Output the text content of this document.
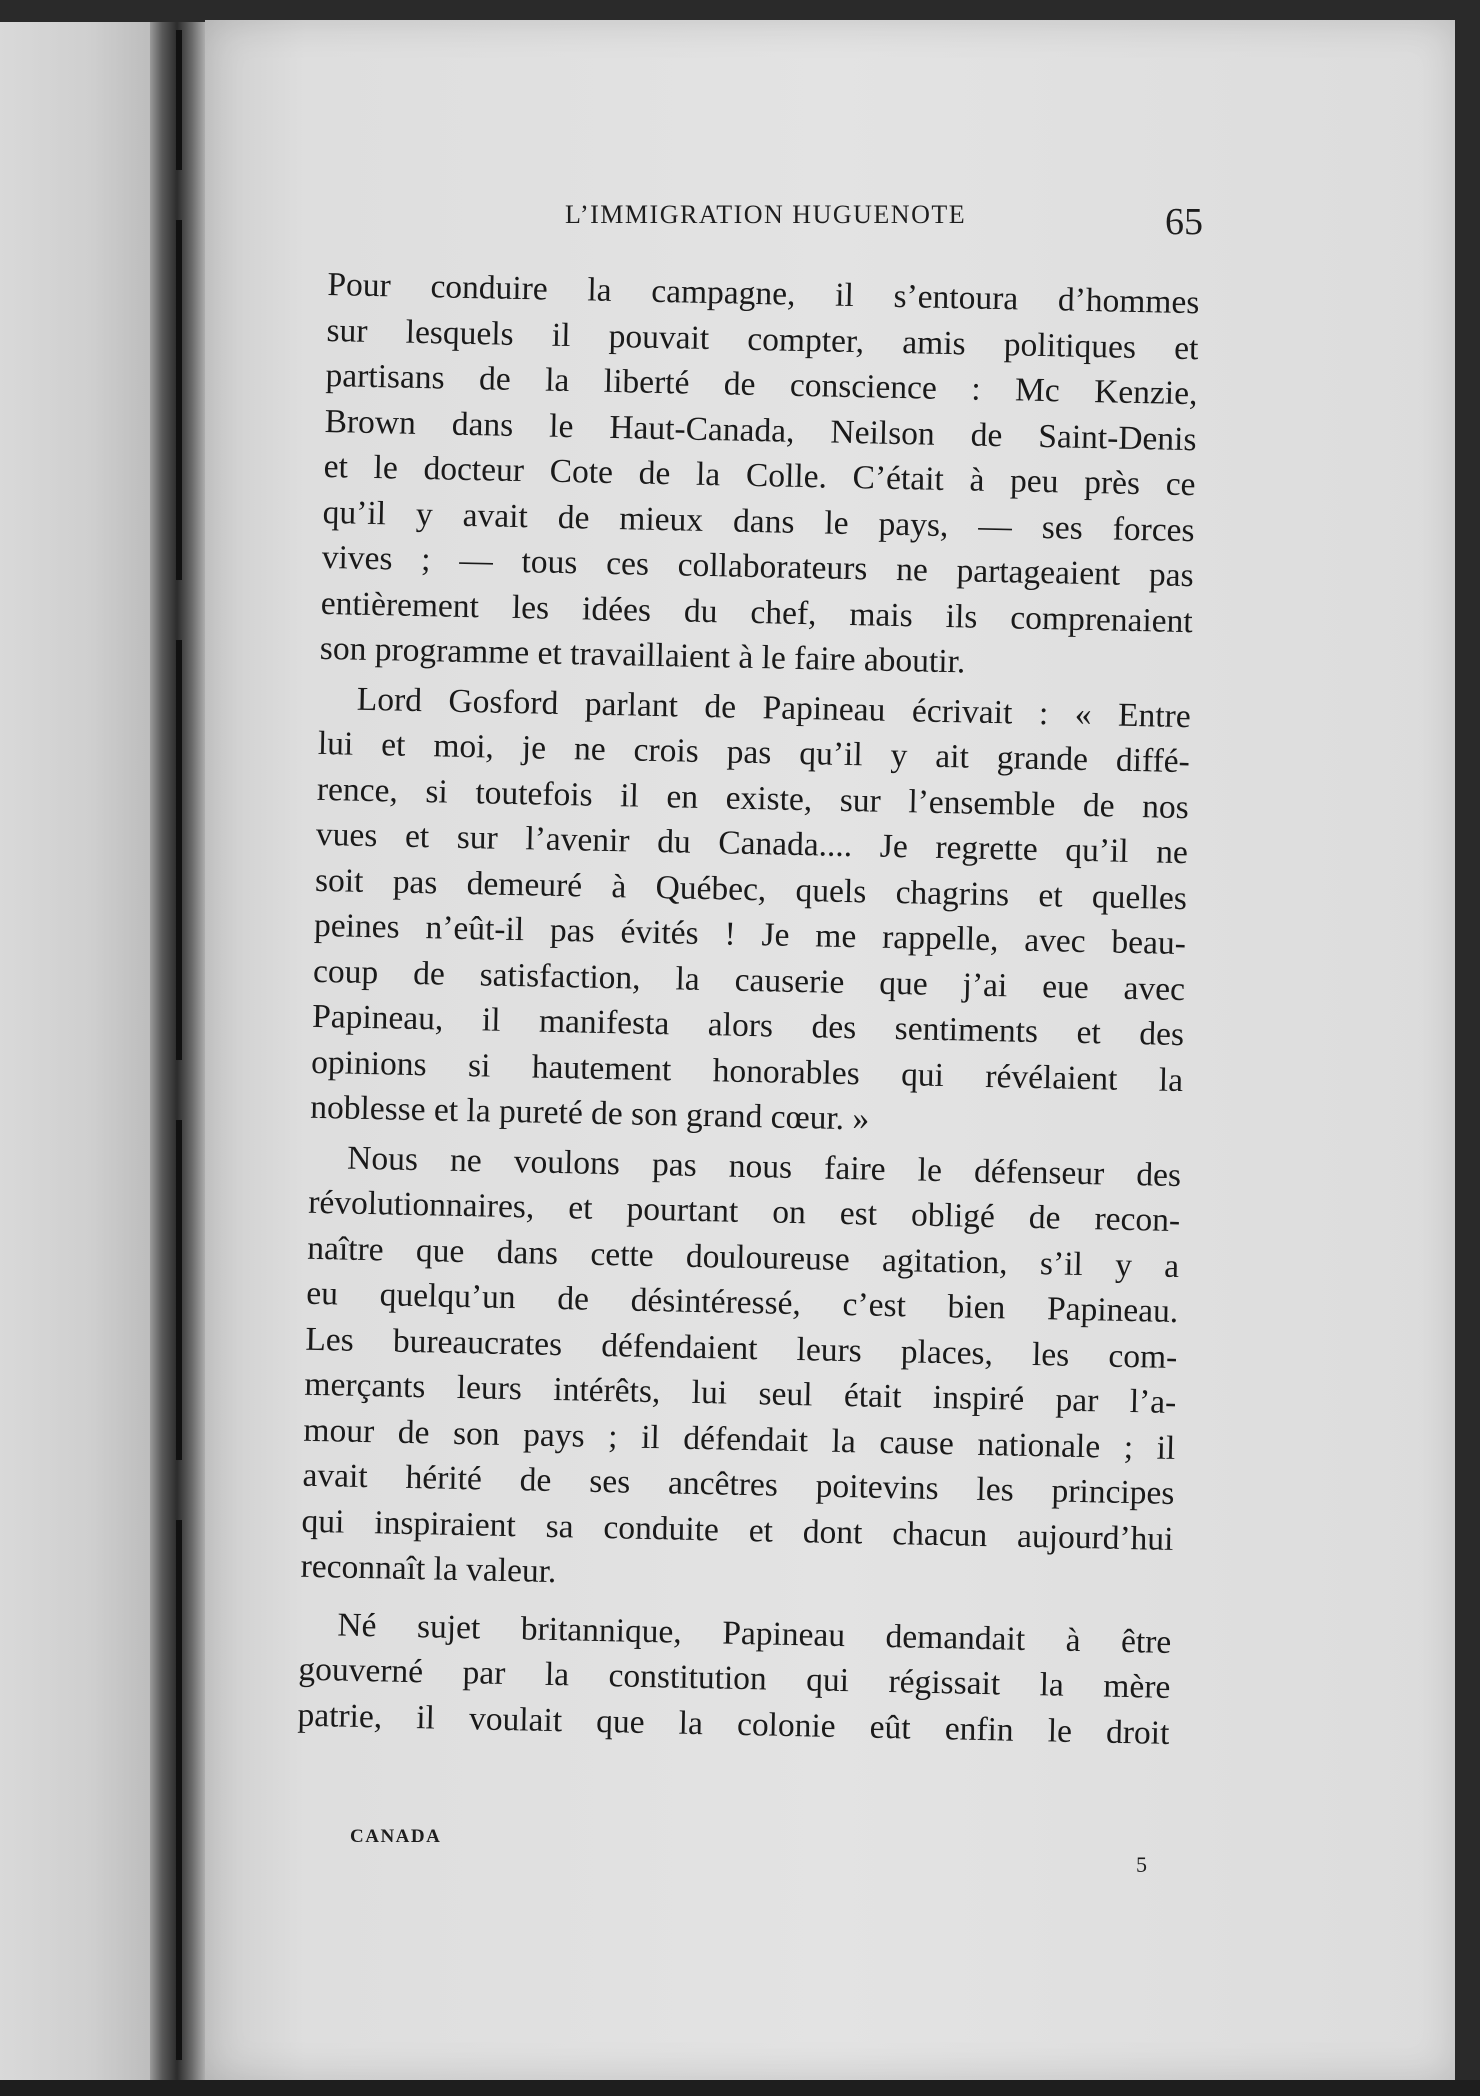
L’IMMIGRATION HUGUENOTE	65
Pour conduire la campagne, il s’entoura d’hommes
sur lesquels il pouvait compter, amis politiques et
partisans de la liberté de conscience : Mc Kenzie,
Brown dans le Haut-Canada, Neilson de Saint-Denis
et le docteur Cote de la Colle. C’était à peu près ce
qu’il y avait de mieux dans le pays, — ses forces
vives ; — tous ces collaborateurs ne partageaient pas
entièrement les idées du chef, mais ils comprenaient
son programme et travaillaient à le faire aboutir.
Lord Gosford parlant de Papineau écrivait : « Entre
lui et moi, je ne crois pas qu’il y ait grande diffé-
rence, si toutefois il en existe, sur l’ensemble de nos
vues et sur l’avenir du Canada.... Je regrette qu’il ne
soit pas demeuré à Québec, quels chagrins et quelles
peines n’eût-il pas évités ! Je me rappelle, avec beau-
coup de satisfaction, la causerie que j’ai eue avec
Papineau, il manifesta alors des sentiments et des
opinions si hautement honorables qui révélaient la
noblesse et la pureté de son grand cœur. »
Nous ne voulons pas nous faire le défenseur des
révolutionnaires, et pourtant on est obligé de recon-
naître que dans cette douloureuse agitation, s’il y a
eu quelqu’un de désintéressé, c’est bien Papineau.
Les bureaucrates défendaient leurs places, les com-
merçants leurs intérêts, lui seul était inspiré par l’a-
mour de son pays ; il défendait la cause nationale ; il
avait hérité de ses ancêtres poitevins les principes
qui inspiraient sa conduite et dont chacun aujourd’hui
reconnaît la valeur.
Né sujet britannique, Papineau demandait à être
gouverné par la constitution qui régissait la mère
patrie, il voulait que la colonie eût enfin le droit
CANADA
5
